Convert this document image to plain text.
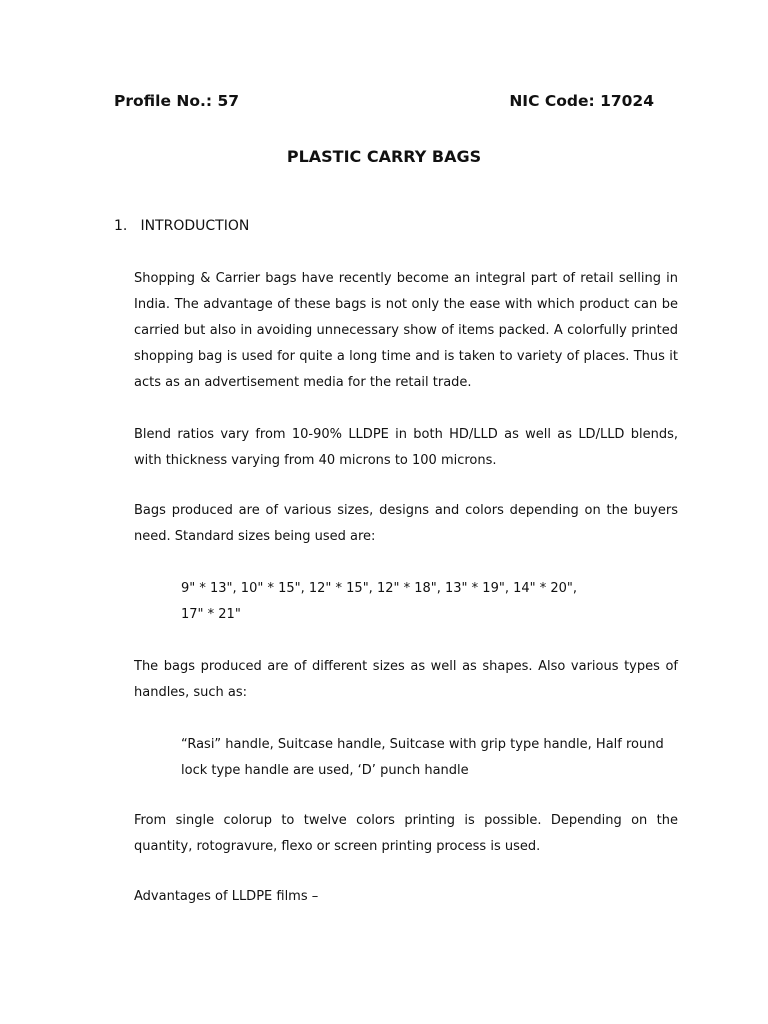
Profile No.: 57	NIC Code: 17024
PLASTIC CARRY BAGS
1. INTRODUCTION
Shopping & Carrier bags have recently become an integral part of retail selling in India. The advantage of these bags is not only the ease with which product can be carried but also in avoiding unnecessary show of items packed. A colorfully printed shopping bag is used for quite a long time and is taken to variety of places. Thus it acts as an advertisement media for the retail trade.
Blend ratios vary from 10-90% LLDPE in both HD/LLD as well as LD/LLD blends, with thickness varying from 40 microns to 100 microns.
Bags produced are of various sizes, designs and colors depending on the buyers need. Standard sizes being used are:
9" * 13", 10" * 15", 12" * 15", 12" * 18", 13" * 19", 14" * 20",
17" * 21"
The bags produced are of different sizes as well as shapes. Also various types of handles, such as:
“Rasi” handle, Suitcase handle, Suitcase with grip type handle, Half round lock type handle are used, ‘D’ punch handle
From single colorup to twelve colors printing is possible. Depending on the quantity, rotogravure, flexo or screen printing process is used.
Advantages of LLDPE films –
